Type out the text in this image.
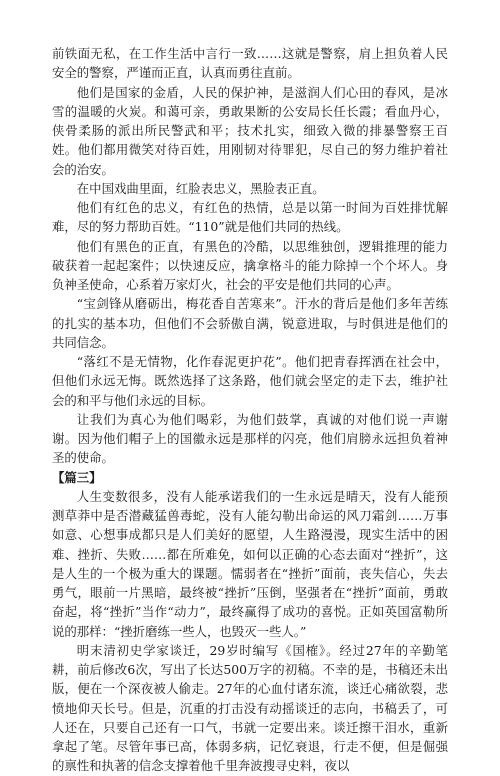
前铁面无私，在工作生活中言行一致……这就是警察，肩上担负着人民安全的警察，严谨而正直，认真而勇往直前。

他们是国家的金盾，人民的保护神，是滋润人们心田的春风，是冰雪的温暖的火炭。和蔼可亲，勇敢果断的公安局长任长霞；看血丹心，侠骨柔肠的派出所民警武和平；技术扎实，细致入微的排暴警察王百姓。他们都用微笑对待百姓，用刚韧对待罪犯，尽自己的努力维护着社会的治安。

在中国戏曲里面，红脸表忠义，黑脸表正直。

他们有红色的忠义，有红色的热情，总是以第一时间为百姓排忧解难，尽的努力帮助百姓。“110”就是他们共同的热线。

他们有黑色的正直，有黑色的冷酷，以思维独创，逻辑推理的能力破获着一起起案件；以快速反应，擒拿格斗的能力除掉一个个坏人。身负神圣使命，心系着万家灯火，社会的平安是他们共同的心声。

“宝剑锋从磨砺出，梅花香自苦寒来”。汗水的背后是他们多年苦练的扎实的基本功，但他们不会骄傲自满，锐意进取，与时俱进是他们的共同信念。

“落红不是无情物，化作春泥更护花”。他们把青春挥洒在社会中，但他们永远无悔。既然选择了这条路，他们就会坚定的走下去，维护社会的和平与他们永远的目标。

让我们为真心为他们喝彩，为他们鼓掌，真诚的对他们说一声谢谢。因为他们帽子上的国徽永远是那样的闪亮，他们肩膀永远担负着神圣的使命。

【篇三】

人生变数很多，没有人能承诺我们的一生永远是晴天，没有人能预测草莽中是否潜藏猛兽毒蛇，没有人能勾勒出命运的风刀霜剑……万事如意、心想事成都只是人们美好的愿望，人生路漫漫，现实生活中的困难、挫折、失败……都在所难免，如何以正确的心态去面对“挫折”，这是人生的一个极为重大的课题。懦弱者在“挫折”面前，丧失信心，失去勇气，眼前一片黑暗，最终被“挫折”压倒，坚强者在“挫折”面前，勇敢奋起，将“挫折”当作“动力”，最终赢得了成功的喜悦。正如英国富勒所说的那样：“挫折磨练一些人，也毁灭一些人。”

明末清初史学家谈迁，29岁时编写《国榷》。经过27年的辛勤笔耕，前后修改6次，写出了长达500万字的初稿。不幸的是，书稿还未出版，便在一个深夜被人偷走。27年的心血付诸东流，谈迁心痛欲裂，悲愤地仰天长号。但是，沉重的打击没有动摇谈迁的志向，书稿丢了，可人还在，只要自己还有一口气，书就一定要出来。谈迁擦干泪水，重新拿起了笔。尽管年事已高，体弱多病，记忆衰退，行走不便，但是倔强的禀性和执著的信念支撑着他千里奔波搜寻史料，夜以
